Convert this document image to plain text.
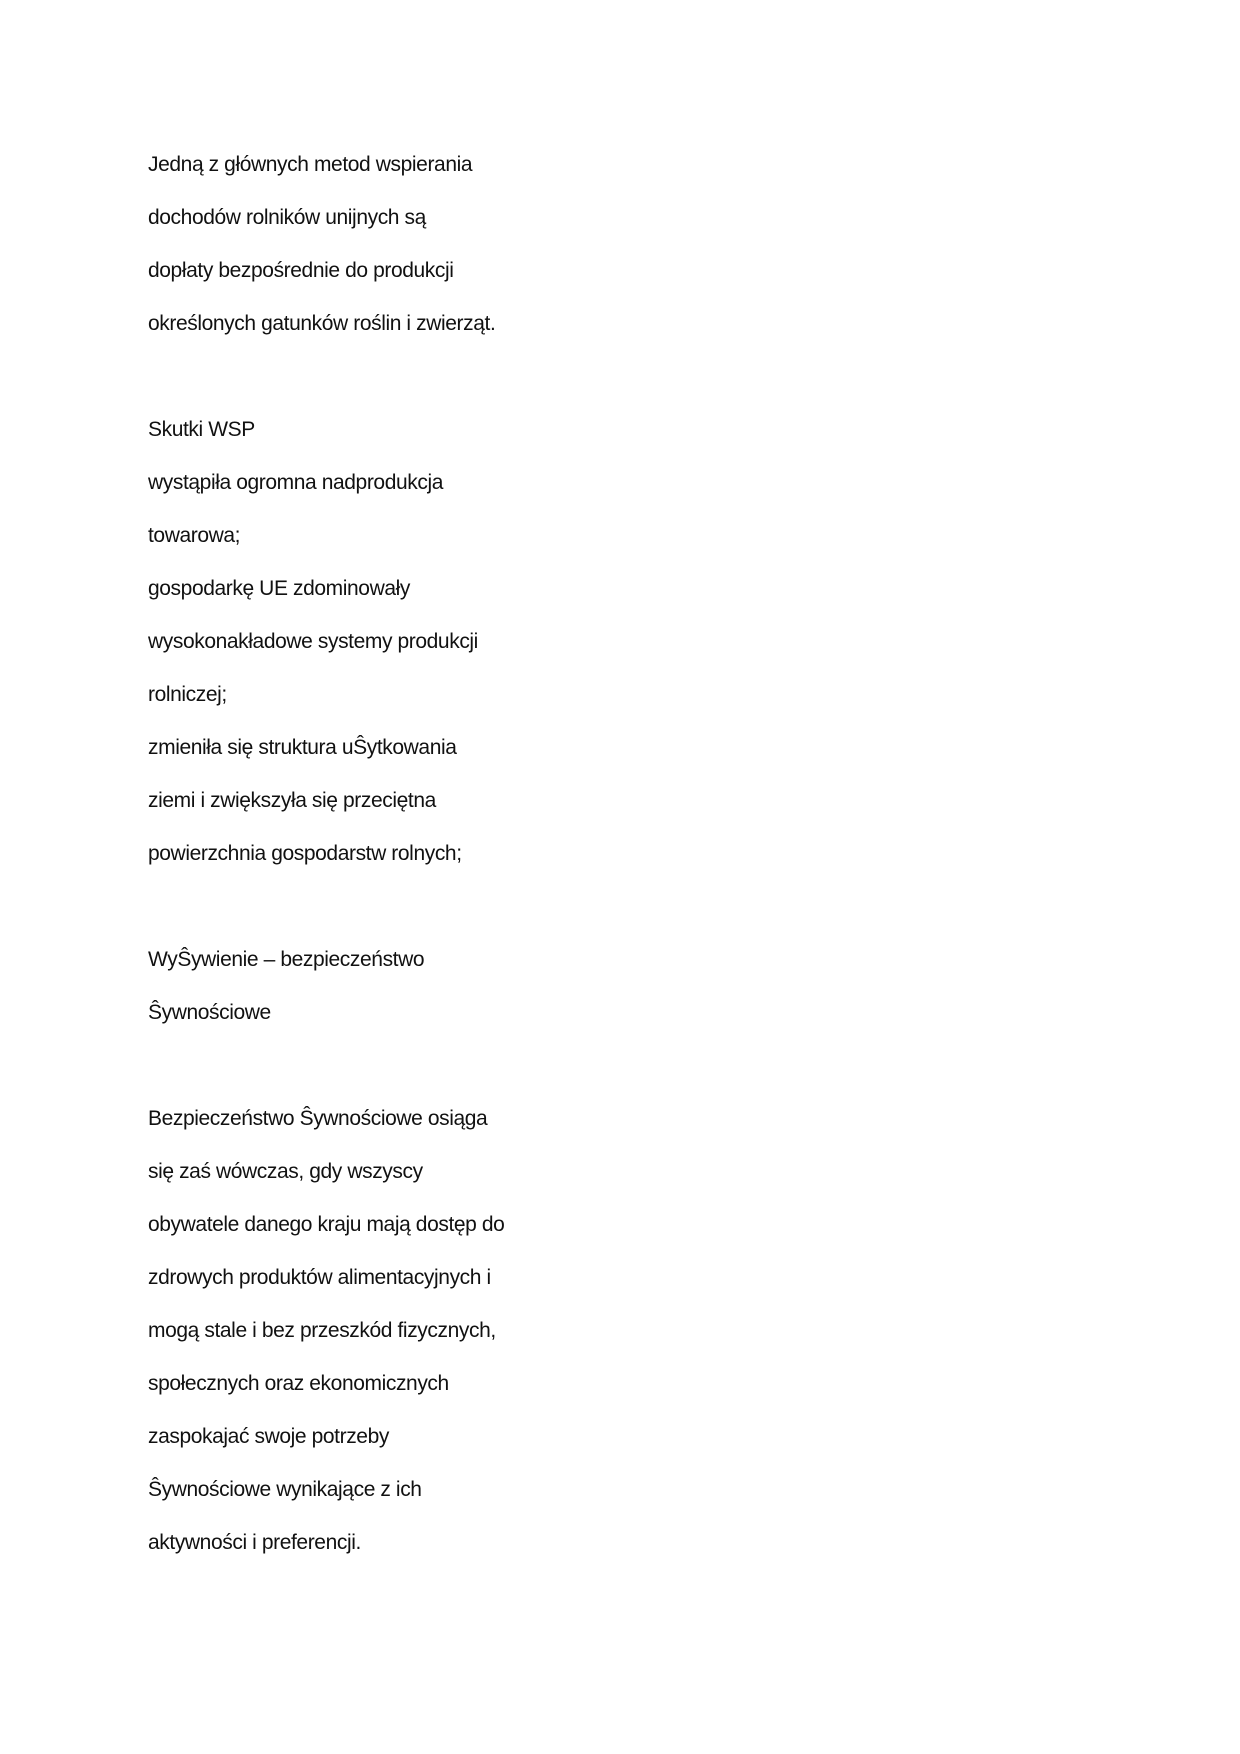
Jedną z głównych metod wspierania
dochodów rolników unijnych są
dopłaty bezpośrednie do produkcji
określonych gatunków roślin i zwierząt.
Skutki WSP
wystąpiła ogromna nadprodukcja
towarowa;
gospodarkę UE zdominowały
wysokonakładowe systemy produkcji
rolniczej;
zmieniła się struktura uŜytkowania
ziemi i zwiększyła się przeciętna
powierzchnia gospodarstw rolnych;
WyŜywienie – bezpieczeństwo
Ŝywnościowe
Bezpieczeństwo Ŝywnościowe osiąga
się zaś wówczas, gdy wszyscy
obywatele danego kraju mają dostęp do
zdrowych produktów alimentacyjnych i
mogą stale i bez przeszkód fizycznych,
społecznych oraz ekonomicznych
zaspokajać swoje potrzeby
Ŝywnościowe wynikające z ich
aktywności i preferencji.
